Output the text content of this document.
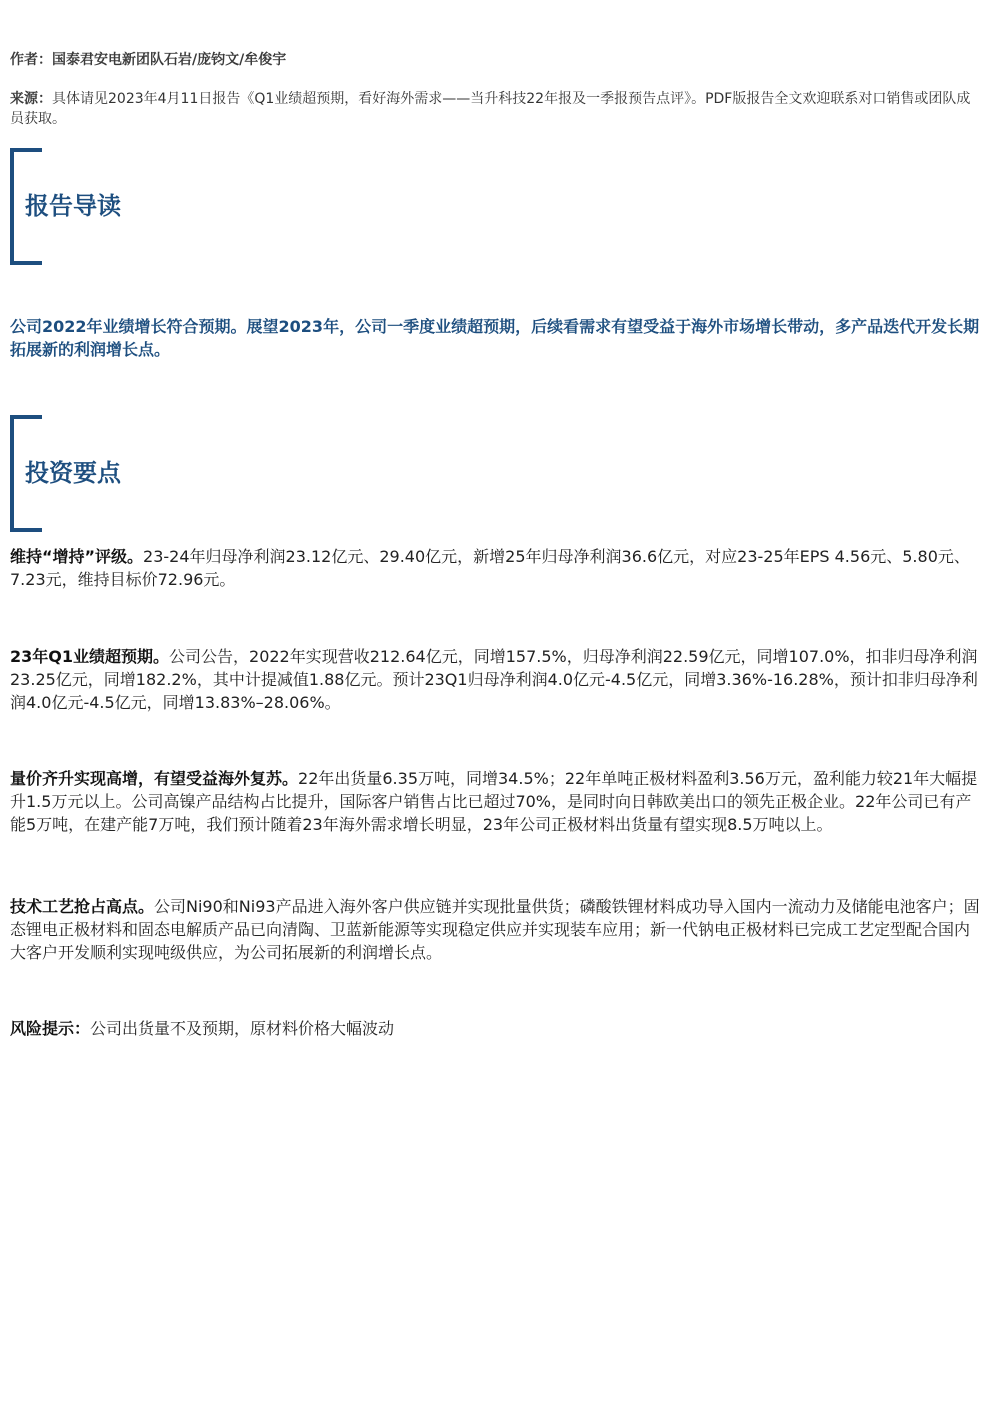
作者：国泰君安电新团队石岩/庞钧文/牟俊宇
来源：具体请见2023年4月11日报告《Q1业绩超预期，看好海外需求——当升科技22年报及一季报预告点评》。PDF版报告全文欢迎联系对口销售或团队成员获取。
报告导读
公司2022年业绩增长符合预期。展望2023年，公司一季度业绩超预期，后续看需求有望受益于海外市场增长带动，多产品迭代开发长期拓展新的利润增长点。
投资要点
维持“增持”评级。23-24年归母净利润23.12亿元、29.40亿元，新增25年归母净利润36.6亿元，对应23-25年EPS 4.56元、5.80元、7.23元，维持目标价72.96元。
23年Q1业绩超预期。公司公告，2022年实现营收212.64亿元，同增157.5%，归母净利润22.59亿元，同增107.0%，扣非归母净利润23.25亿元，同增182.2%，其中计提减值1.88亿元。预计23Q1归母净利润4.0亿元-4.5亿元，同增3.36%-16.28%，预计扣非归母净利润4.0亿元-4.5亿元，同增13.83%–28.06%。
量价齐升实现高增，有望受益海外复苏。22年出货量6.35万吨，同增34.5%；22年单吨正极材料盈利3.56万元，盈利能力较21年大幅提升1.5万元以上。公司高镍产品结构占比提升，国际客户销售占比已超过70%，是同时向日韩欧美出口的领先正极企业。22年公司已有产能5万吨，在建产能7万吨，我们预计随着23年海外需求增长明显，23年公司正极材料出货量有望实现8.5万吨以上。
技术工艺抢占高点。公司Ni90和Ni93产品进入海外客户供应链并实现批量供货；磷酸铁锂材料成功导入国内一流动力及储能电池客户；固态锂电正极材料和固态电解质产品已向清陶、卫蓝新能源等实现稳定供应并实现装车应用；新一代钠电正极材料已完成工艺定型配合国内大客户开发顺利实现吨级供应，为公司拓展新的利润增长点。
风险提示：公司出货量不及预期，原材料价格大幅波动
